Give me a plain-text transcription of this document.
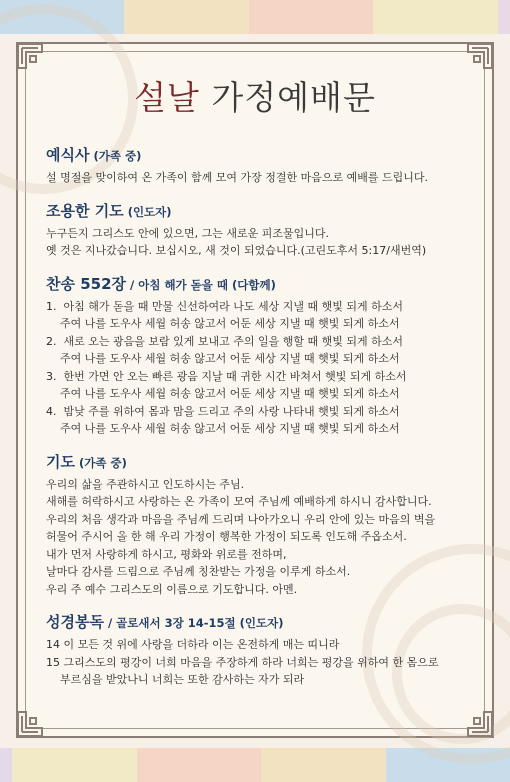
설날 가정예배문

예식사 (가족 중)

설 명절을 맞이하여 온 가족이 함께 모여 가장 정결한 마음으로 예배를 드립니다.

조용한 기도 (인도자)

누구든지 그리스도 안에 있으면, 그는 새로운 피조물입니다.

옛 것은 지나갔습니다. 보십시오, 새 것이 되었습니다.(고린도후서 5:17/새번역)

찬송 552장 / 아침 해가 돋을 때 (다함께)

1. 아침 해가 돋을 때 만물 신선하여라 나도 세상 지낼 때 햇빛 되게 하소서
주여 나를 도우사 세월 허송 않고서 어둔 세상 지낼 때 햇빛 되게 하소서
2. 새로 오는 광음을 보람 있게 보내고 주의 일을 행할 때 햇빛 되게 하소서
주여 나를 도우사 세월 허송 않고서 어둔 세상 지낼 때 햇빛 되게 하소서
3. 한번 가면 안 오는 빠른 광음 지날 때 귀한 시간 바쳐서 햇빛 되게 하소서
주여 나를 도우사 세월 허송 않고서 어둔 세상 지낼 때 햇빛 되게 하소서
4. 밤낮 주를 위하여 몸과 맘을 드리고 주의 사랑 나타내 햇빛 되게 하소서
주여 나를 도우사 세월 허송 않고서 어둔 세상 지낼 때 햇빛 되게 하소서

기도 (가족 중)

우리의 삶을 주관하시고 인도하시는 주님.

새해를 허락하시고 사랑하는 온 가족이 모여 주님께 예배하게 하시니 감사합니다.

우리의 처음 생각과 마음을 주님께 드리며 나아가오니 우리 안에 있는 마음의 벽을

허물어 주시어 올 한 해 우리 가정이 행복한 가정이 되도록 인도해 주옵소서.

내가 먼저 사랑하게 하시고, 평화와 위로를 전하며,

날마다 감사를 드림으로 주님께 칭찬받는 가정을 이루게 하소서.

우리 주 예수 그리스도의 이름으로 기도합니다. 아멘.

성경봉독 / 골로새서 3장 14-15절 (인도자)

14 이 모든 것 위에 사랑을 더하라 이는 온전하게 매는 띠니라

15 그리스도의 평강이 너희 마음을 주장하게 하라 너희는 평강을 위하여 한 몸으로

부르심을 받았나니 너희는 또한 감사하는 자가 되라
